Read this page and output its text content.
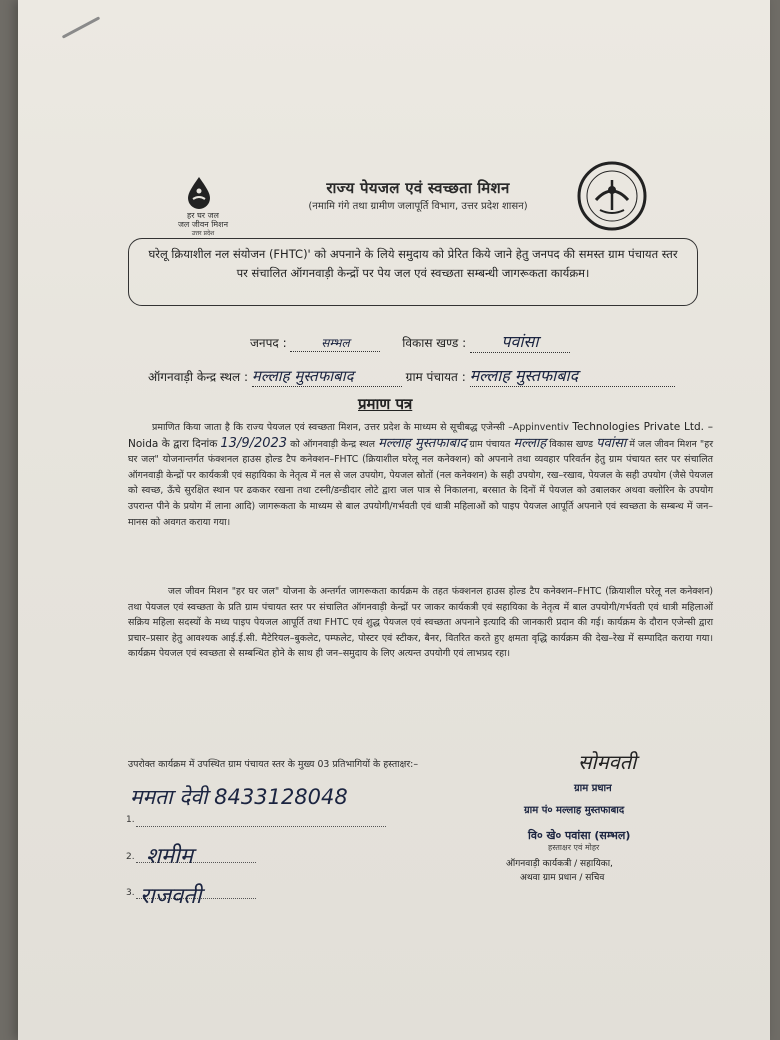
हर घर जल
जल जीवन मिशन
उत्तर प्रदेश
राज्य पेयजल एवं स्वच्छता मिशन
(नमामि गंगे तथा ग्रामीण जलापूर्ति विभाग, उत्तर प्रदेश शासन)
घरेलू क्रियाशील नल संयोजन (FHTC)' को अपनाने के लिये समुदाय को प्रेरित किये जाने हेतु जनपद की समस्त ग्राम पंचायत स्तर पर संचालित ऑगनवाड़ी केन्द्रों पर पेय जल एवं स्वच्छता सम्बन्धी जागरूकता कार्यक्रम।
जनपद :	सम्भल	विकास खण्ड : पवांसा
ऑगनवाड़ी केन्द्र स्थल : मल्लाह मुस्तफाबाद	ग्राम पंचायत : मल्लाह मुस्तफाबाद
प्रमाण पत्र
प्रमाणित किया जाता है कि राज्य पेयजल एवं स्वच्छता मिशन, उत्तर प्रदेश के माध्यम से सूचीबद्ध एजेन्सी –Appinventiv Technologies Private Ltd. – Noida के द्वारा दिनांक 13/9/2023 को ऑगनवाड़ी केन्द्र स्थल मल्लाह मुस्तफाबाद ग्राम पंचायत मल्लाह विकास खण्ड पवांसा में जल जीवन मिशन "हर घर जल" योजनान्तर्गत फंक्शनल हाउस होल्ड टैप कनेक्शन–FHTC (क्रियाशील घरेलू नल कनेक्शन) को अपनाने तथा व्यवहार परिवर्तन हेतु ग्राम पंचायत स्तर पर संचालित ऑगनवाड़ी केन्द्रों पर कार्यकत्री एवं सहायिका के नेतृत्व में नल से जल उपयोग, पेयजल स्रोतों (नल कनेक्शन) के सही उपयोग, रख–रखाव, पेयजल के सही उपयोग (जैसे पेयजल को स्वच्छ, ऊँचे सुरक्षित स्थान पर ढककर रखना तथा टस्नी/डन्डीदार लोटे द्वारा जल पात्र से निकालना, बरसात के दिनों में पेयजल को उबालकर अथवा क्लोरिन के उपयोग उपरान्त पीने के प्रयोग में लाना आदि) जागरूकता के माध्यम से बाल उपयोगी/गर्भवती एवं धात्री महिलाओं को पाइप पेयजल आपूर्ति अपनाने एवं स्वच्छता के सम्बन्ध में जन–मानस को अवगत कराया गया।
जल जीवन मिशन "हर घर जल" योजना के अन्तर्गत जागरूकता कार्यक्रम के तहत फंक्शनल हाउस होल्ड टैप कनेक्शन–FHTC (क्रियाशील घरेलू नल कनेक्शन) तथा पेयजल एवं स्वच्छता के प्रति ग्राम पंचायत स्तर पर संचालित ऑगनवाड़ी केन्द्रों पर जाकर कार्यकत्री एवं सहायिका के नेतृत्व में बाल उपयोगी/गर्भवती एवं धात्री महिलाओं सक्रिय महिला सदस्यों के मध्य पाइप पेयजल आपूर्ति तथा FHTC एवं शुद्ध पेयजल एवं स्वच्छता अपनाने इत्यादि की जानकारी प्रदान की गई। कार्यक्रम के दौरान एजेन्सी द्वारा प्रचार–प्रसार हेतु आवश्यक आई.ई.सी. मैटेरियल–बुकलेट, पम्फलेट, पोस्टर एवं स्टीकर, बैनर, वितरित करते हुए क्षमता वृद्धि कार्यक्रम की देख–रेख में सम्पादित कराया गया। कार्यक्रम पेयजल एवं स्वच्छता से सम्बन्धित होने के साथ ही जन–समुदाय के लिए अत्यन्त उपयोगी एवं लाभप्रद रहा।
उपरोक्त कार्यक्रम में उपस्थित ग्राम पंचायत स्तर के मुख्य 03 प्रतिभागियों के हस्ताक्षर:–
1.
ममता देवी 8433128048
2. शमीम
3. राजवती
सोमवती
ग्राम प्रधान
ग्राम पं० मल्लाह मुस्तफाबाद
वि० खे० पवांसा (सम्भल)
हस्ताक्षर एवं मोहर
ऑगनवाड़ी कार्यकत्री / सहायिका,
अथवा ग्राम प्रधान / सचिव
